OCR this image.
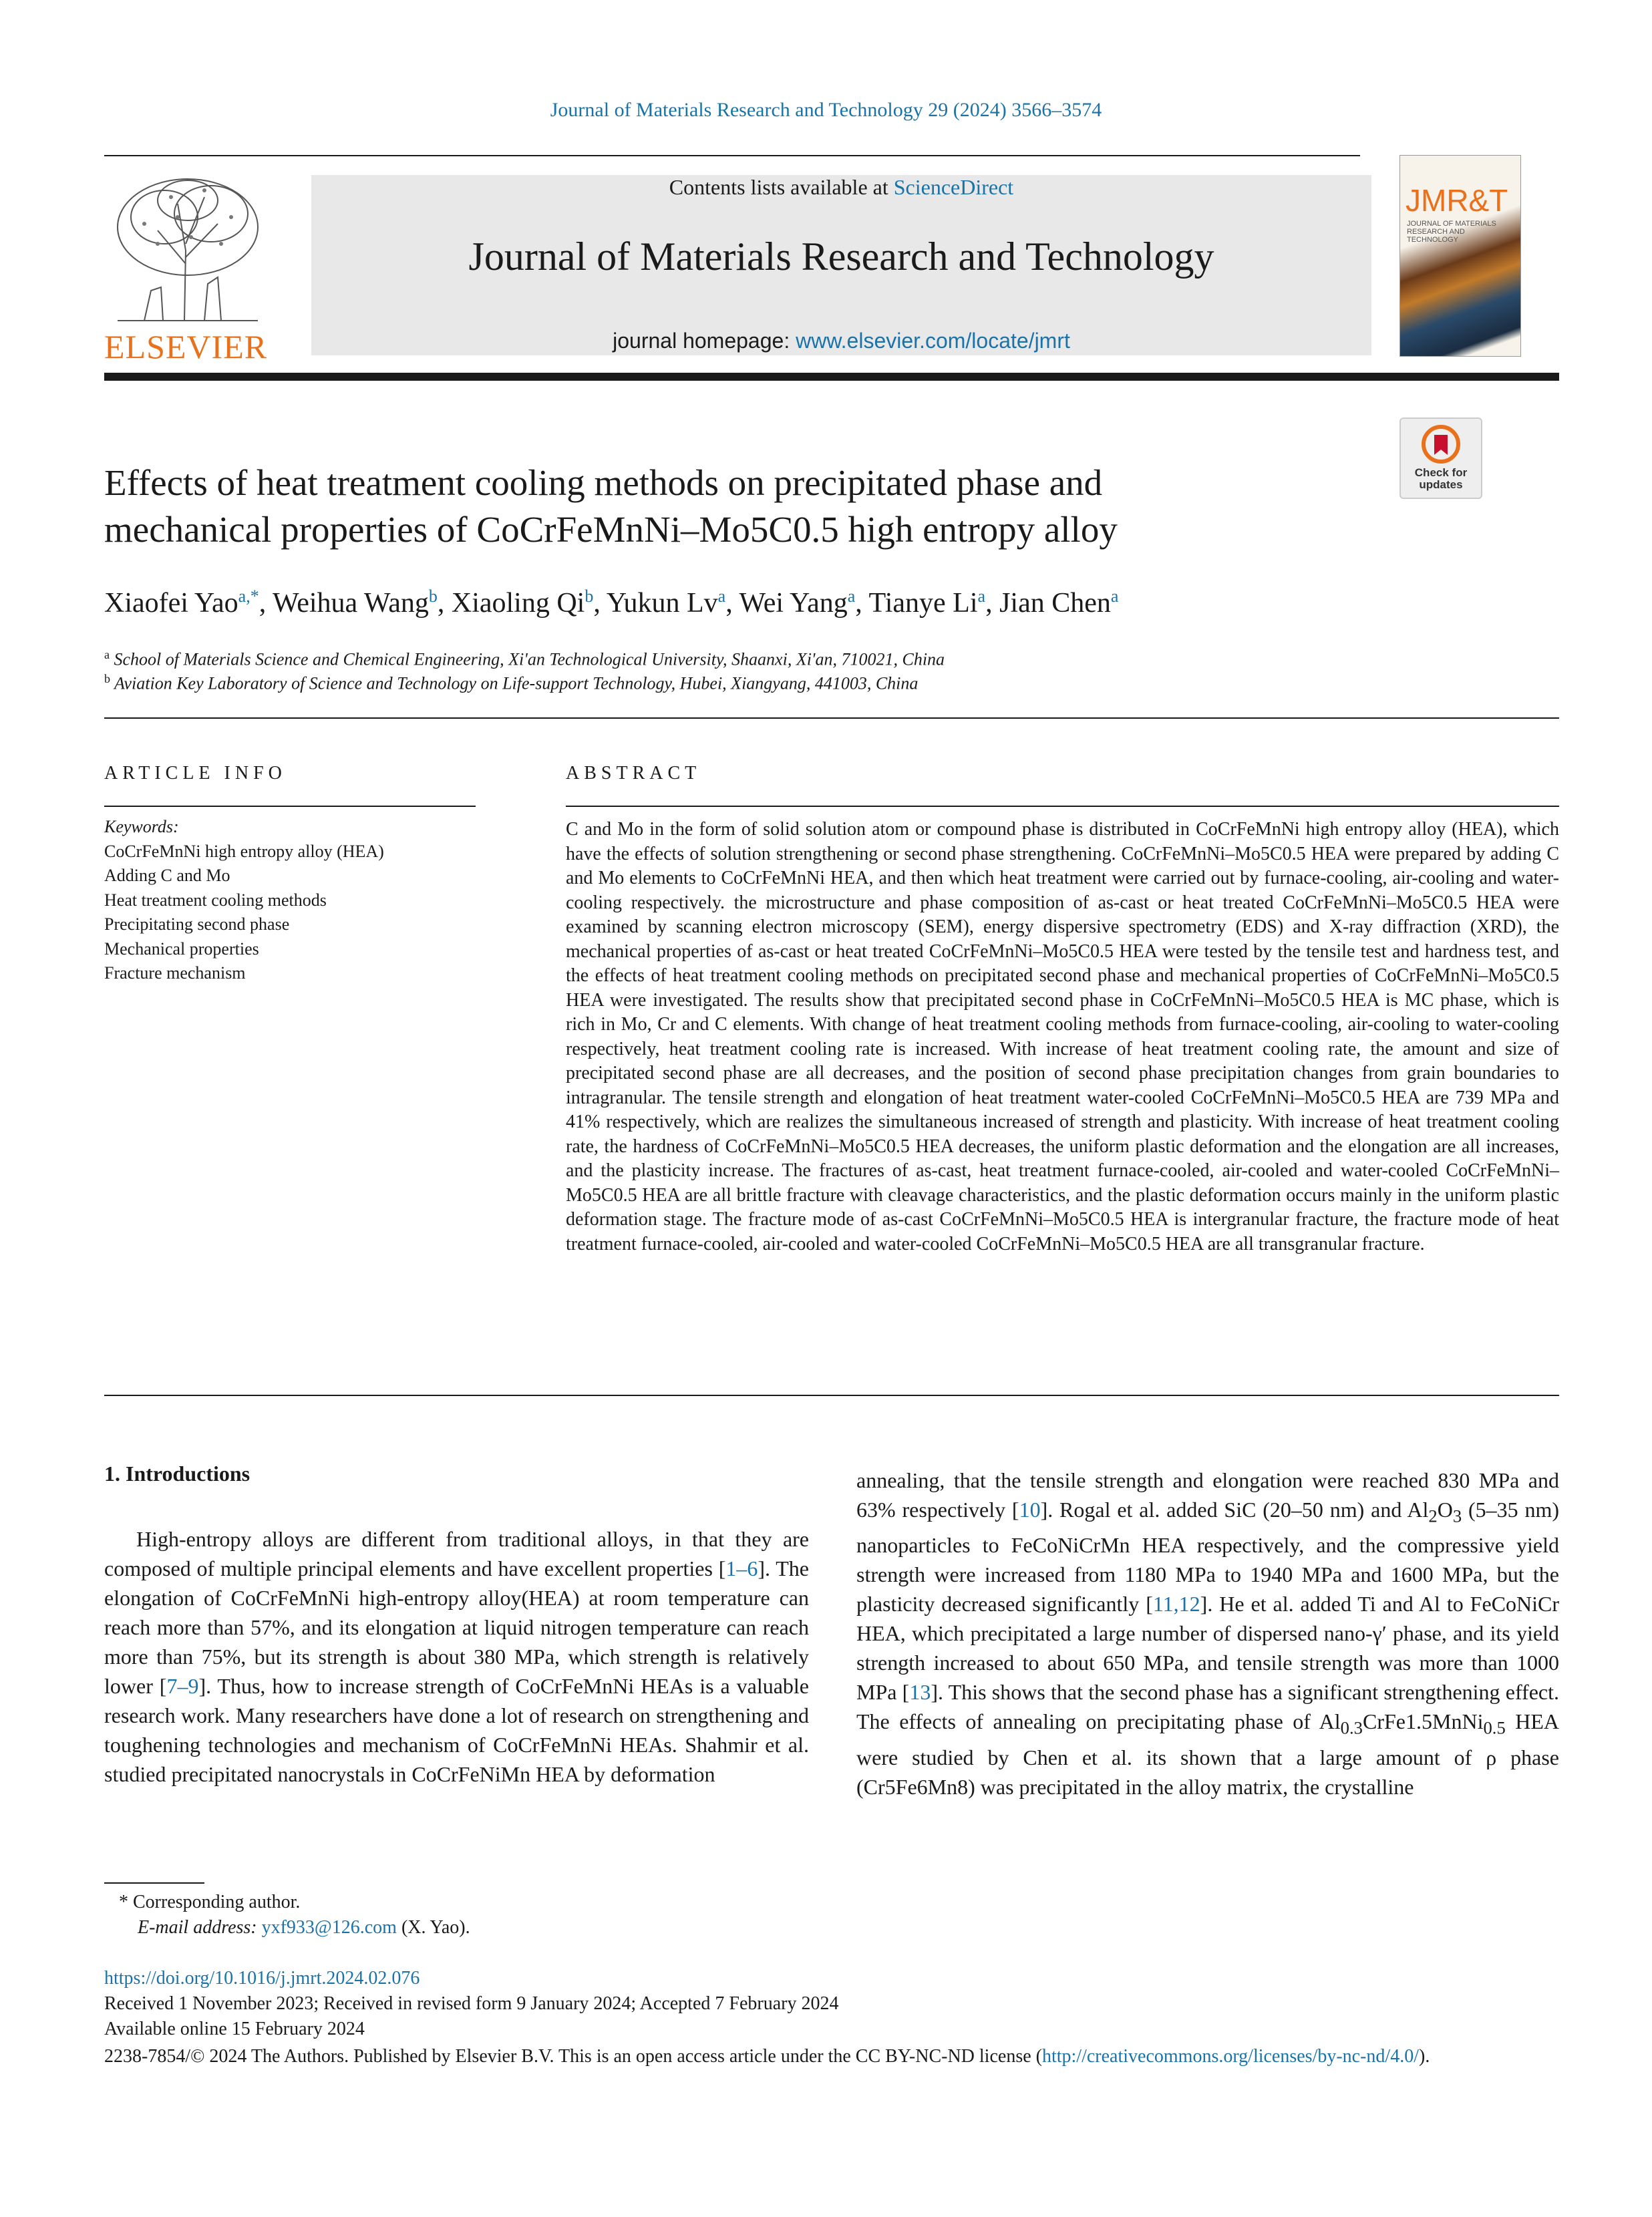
Journal of Materials Research and Technology 29 (2024) 3566–3574
ELSEVIER
Contents lists available at ScienceDirect
Journal of Materials Research and Technology
journal homepage: www.elsevier.com/locate/jmrt
JMR&T
JOURNAL OF MATERIALS RESEARCH AND TECHNOLOGY
Check for
updates
Effects of heat treatment cooling methods on precipitated phase and
mechanical properties of CoCrFeMnNi–Mo5C0.5 high entropy alloy
Xiaofei Yao$^{a,*}$, Weihua Wang$^b$, Xiaoling Qi$^b$, Yukun Lv$^a$, Wei Yang$^a$, Tianye Li$^a$, Jian Chen$^a$
$^a$ School of Materials Science and Chemical Engineering, Xi'an Technological University, Shaanxi, Xi'an, 710021, China
$^b$ Aviation Key Laboratory of Science and Technology on Life-support Technology, Hubei, Xiangyang, 441003, China
ARTICLE INFO
Keywords:
CoCrFeMnNi high entropy alloy (HEA)
Adding C and Mo
Heat treatment cooling methods
Precipitating second phase
Mechanical properties
Fracture mechanism
ABSTRACT
C and Mo in the form of solid solution atom or compound phase is distributed in CoCrFeMnNi high entropy alloy (HEA), which have the effects of solution strengthening or second phase strengthening. CoCrFeMnNi–Mo5C0.5 HEA were prepared by adding C and Mo elements to CoCrFeMnNi HEA, and then which heat treatment were carried out by furnace-cooling, air-cooling and water-cooling respectively. the microstructure and phase composition of as-cast or heat treated CoCrFeMnNi–Mo5C0.5 HEA were examined by scanning electron microscopy (SEM), energy dispersive spectrometry (EDS) and X-ray diffraction (XRD), the mechanical properties of as-cast or heat treated CoCrFeMnNi–Mo5C0.5 HEA were tested by the tensile test and hardness test, and the effects of heat treatment cooling methods on precipitated second phase and mechanical properties of CoCrFeMnNi–Mo5C0.5 HEA were investigated. The results show that precipitated second phase in CoCrFeMnNi–Mo5C0.5 HEA is MC phase, which is rich in Mo, Cr and C elements. With change of heat treatment cooling methods from furnace-cooling, air-cooling to water-cooling respectively, heat treatment cooling rate is increased. With increase of heat treatment cooling rate, the amount and size of precipitated second phase are all decreases, and the position of second phase precipitation changes from grain boundaries to intragranular. The tensile strength and elongation of heat treatment water-cooled CoCrFeMnNi–Mo5C0.5 HEA are 739 MPa and 41% respectively, which are realizes the simultaneous increased of strength and plasticity. With increase of heat treatment cooling rate, the hardness of CoCrFeMnNi–Mo5C0.5 HEA decreases, the uniform plastic deformation and the elongation are all increases, and the plasticity increase. The fractures of as-cast, heat treatment furnace-cooled, air-cooled and water-cooled CoCrFeMnNi–Mo5C0.5 HEA are all brittle fracture with cleavage characteristics, and the plastic deformation occurs mainly in the uniform plastic deformation stage. The fracture mode of as-cast CoCrFeMnNi–Mo5C0.5 HEA is intergranular fracture, the fracture mode of heat treatment furnace-cooled, air-cooled and water-cooled CoCrFeMnNi–Mo5C0.5 HEA are all transgranular fracture.
1. Introductions
High-entropy alloys are different from traditional alloys, in that they are composed of multiple principal elements and have excellent properties [1–6]. The elongation of CoCrFeMnNi high-entropy alloy(HEA) at room temperature can reach more than 57%, and its elongation at liquid nitrogen temperature can reach more than 75%, but its strength is about 380 MPa, which strength is relatively lower [7–9]. Thus, how to increase strength of CoCrFeMnNi HEAs is a valuable research work. Many researchers have done a lot of research on strengthening and toughening technologies and mechanism of CoCrFeMnNi HEAs. Shahmir et al. studied precipitated nanocrystals in CoCrFeNiMn HEA by deformation
annealing, that the tensile strength and elongation were reached 830 MPa and 63% respectively [10]. Rogal et al. added SiC (20–50 nm) and $Al_2O_3$ (5–35 nm) nanoparticles to FeCoNiCrMn HEA respectively, and the compressive yield strength were increased from 1180 MPa to 1940 MPa and 1600 MPa, but the plasticity decreased significantly [11,12]. He et al. added Ti and Al to FeCoNiCr HEA, which precipitated a large number of dispersed nano-γ′ phase, and its yield strength increased to about 650 MPa, and tensile strength was more than 1000 MPa [13]. This shows that the second phase has a significant strengthening effect. The effects of annealing on precipitating phase of $Al_{0.3}CrFe1.5MnNi_{0.5}$ HEA were studied by Chen et al. its shown that a large amount of ρ phase (Cr5Fe6Mn8) was precipitated in the alloy matrix, the crystalline
* Corresponding author.
E-mail address: yxf933@126.com (X. Yao).
https://doi.org/10.1016/j.jmrt.2024.02.076
Received 1 November 2023; Received in revised form 9 January 2024; Accepted 7 February 2024
Available online 15 February 2024
2238-7854/© 2024 The Authors. Published by Elsevier B.V. This is an open access article under the CC BY-NC-ND license (http://creativecommons.org/licenses/by-nc-nd/4.0/).
